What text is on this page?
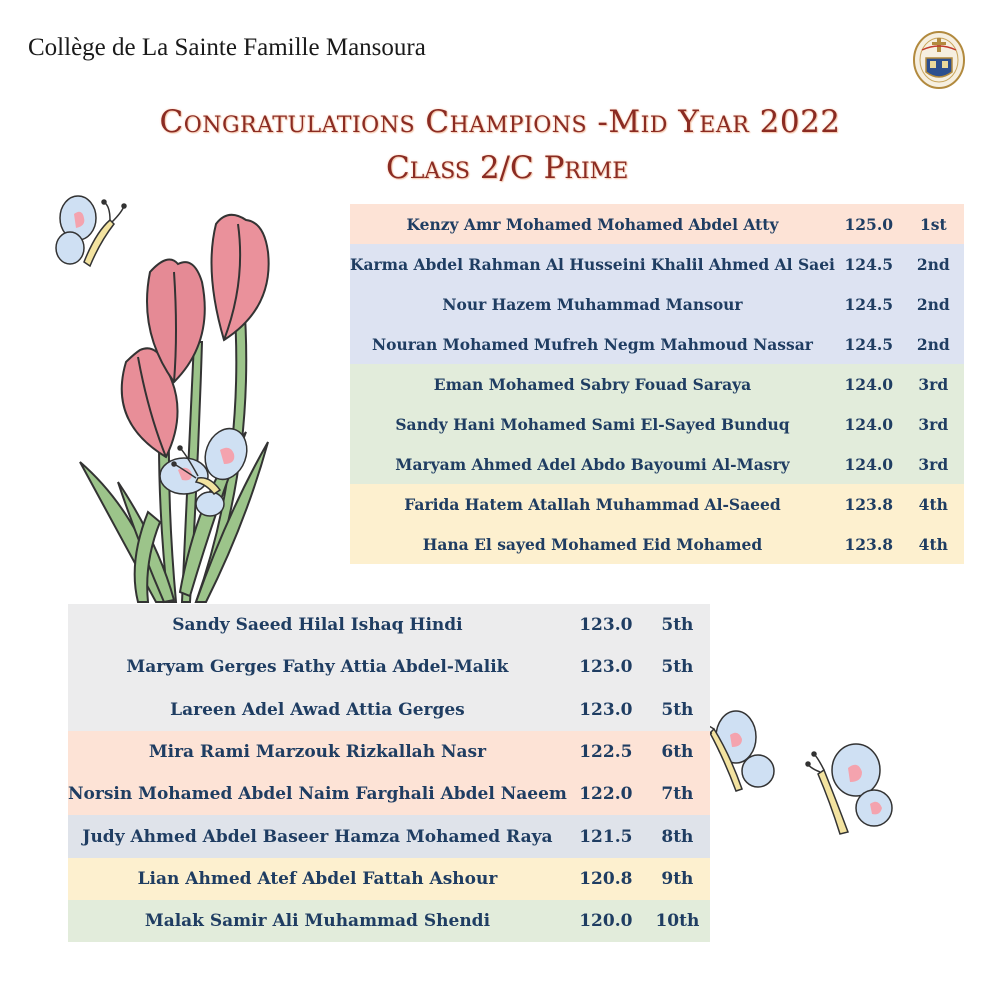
Collège de La Sainte Famille Mansoura
Congratulations Champions -Mid Year 2022
Class 2/C Prime
Kenzy Amr Mohamed Mohamed Abdel Atty	125.0	1st
Karma Abdel Rahman Al Husseini Khalil Ahmed Al Saei	124.5	2nd
Nour Hazem Muhammad Mansour	124.5	2nd
Nouran Mohamed Mufreh Negm Mahmoud Nassar	124.5	2nd
Eman Mohamed Sabry Fouad Saraya	124.0	3rd
Sandy Hani Mohamed Sami El-Sayed Bunduq	124.0	3rd
Maryam Ahmed Adel Abdo Bayoumi Al-Masry	124.0	3rd
Farida Hatem Atallah Muhammad Al-Saeed	123.8	4th
Hana El sayed Mohamed Eid Mohamed	123.8	4th
Sandy Saeed Hilal Ishaq Hindi	123.0	5th
Maryam Gerges Fathy Attia Abdel-Malik	123.0	5th
Lareen Adel Awad Attia Gerges	123.0	5th
Mira Rami Marzouk Rizkallah Nasr	122.5	6th
Norsin Mohamed Abdel Naim Farghali Abdel Naeem	122.0	7th
Judy Ahmed Abdel Baseer Hamza Mohamed Raya	121.5	8th
Lian Ahmed Atef Abdel Fattah Ashour	120.8	9th
Malak Samir Ali Muhammad Shendi	120.0	10th
